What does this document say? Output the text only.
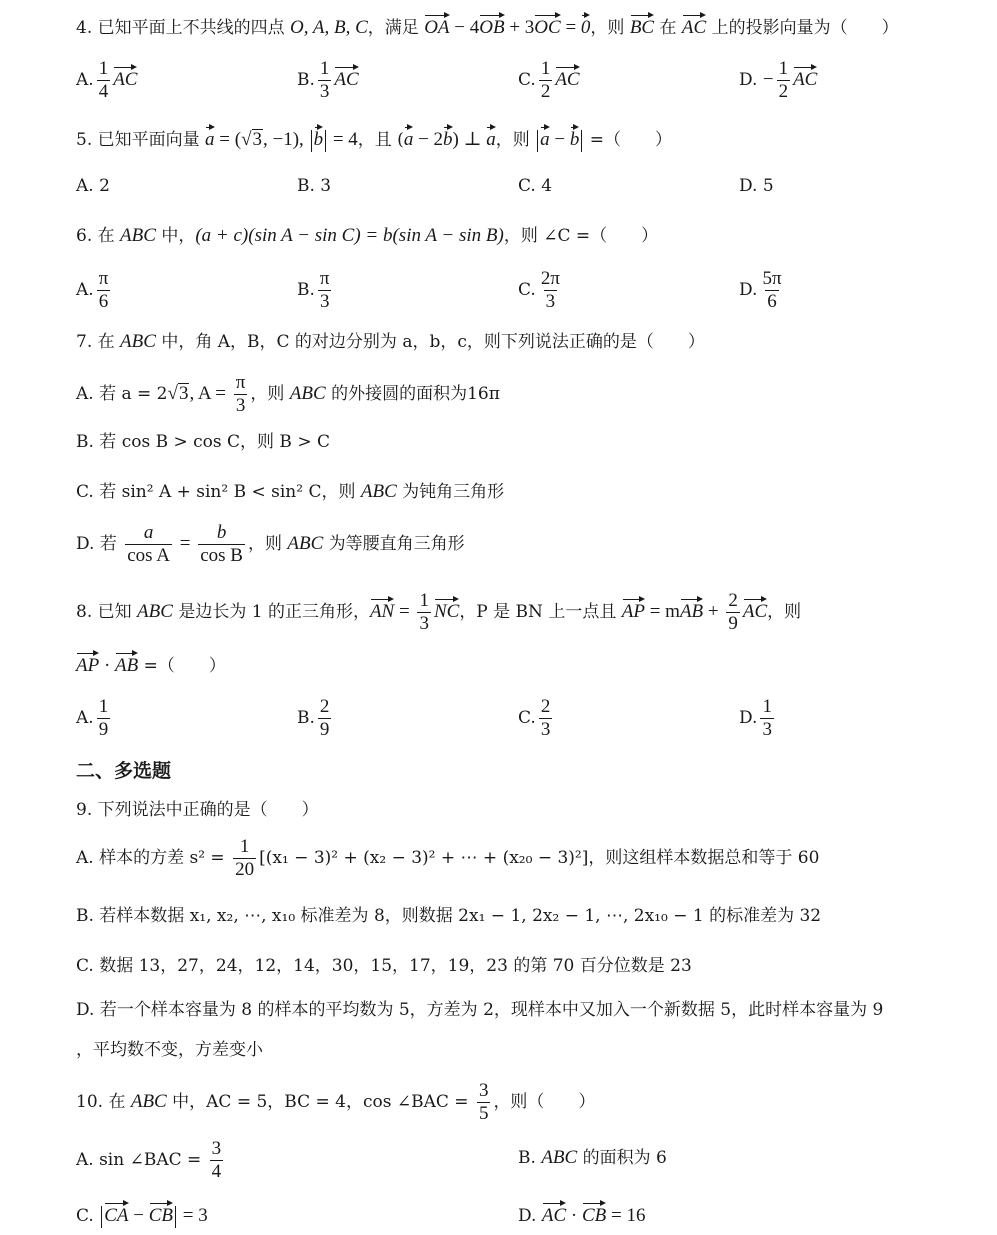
4. 已知平面上不共线的四点 O, A, B, C，满足 OA − 4OB + 3OC = 0，则 BC 在 AC 上的投影向量为（　　）
A. $\frac{1}{4}$ AC	B. $\frac{1}{3}$ AC	C. $\frac{1}{2}$ AC	D. − $\frac{1}{2}$ AC
5. 已知平面向量 a = (√3, −1), b = 4，且 (a − 2b) ⊥ a，则 a − b =（　　）
A. 2	B. 3	C. 4	D. 5
6. 在 ABC 中，(a + c)(sin A − sin C) = b(sin A − sin B)，则 ∠C =（　　）
A. $\frac{\pi}{6}$	B. $\frac{\pi}{3}$	C. $\frac{2\pi}{3}$	D. $\frac{5\pi}{6}$
7. 在 ABC 中，角 A，B，C 的对边分别为 a，b，c，则下列说法正确的是（　　）
A. 若 a = 2√3, $A = \frac{\pi}{3}$ ，则 ABC 的外接圆的面积为16π
B. 若 cos B > cos C，则 B > C
C. 若 sin² A + sin² B < sin² C，则 ABC 为钝角三角形
D. 若 $\frac{a}{\text{cos A}} = \frac{b}{\text{cos B}}$ ，则 ABC 为等腰直角三角形
8. 已知 ABC 是边长为 1 的正三角形，AN = $\frac{1}{3}$ NC，P 是 BN 上一点且 AP = mAB + $\frac{2}{9}$ AC，则
AP · AB =（　　）
A. $\frac{1}{9}$	B. $\frac{2}{9}$	C. $\frac{2}{3}$	D. $\frac{1}{3}$
二、多选题
9. 下列说法中正确的是（　　）
A. 样本的方差 $s^2 = \frac{1}{20} [(x_1 - 3)^2 + (x_2 - 3)^2$ + ⋯ + (x₂₀ − 3)²]，则这组样本数据总和等于 60
B. 若样本数据 x₁, x₂, ⋯, x₁₀ 标准差为 8，则数据 2x₁ − 1, 2x₂ − 1, ⋯, 2x₁₀ − 1 的标准差为 32
C. 数据 13，27，24，12，14，30，15，17，19，23 的第 70 百分位数是 23
D. 若一个样本容量为 8 的样本的平均数为 5，方差为 2，现样本中又加入一个新数据 5，此时样本容量为 9
，平均数不变，方差变小
10. 在 ABC 中，AC = 5，BC = 4，cos ∠BAC = $\frac{3}{5}$ ，则（　　）
A. sin ∠BAC = $\frac{3}{4}$	B. ABC 的面积为 6
C. CA − CB = 3	D. AC · CB = 16
